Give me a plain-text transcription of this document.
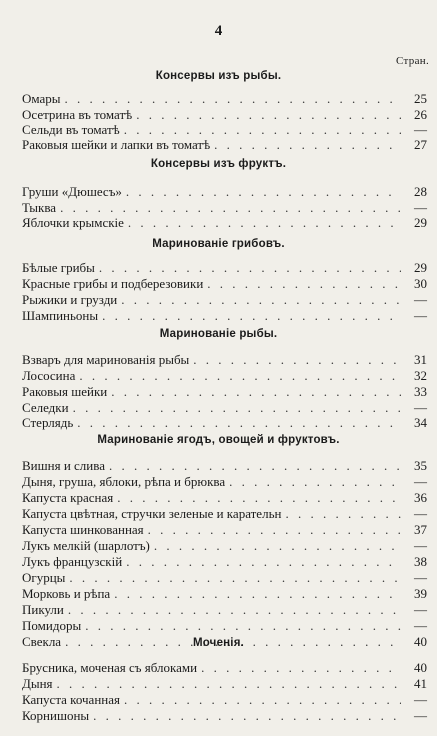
4
Стран.
Консервы изъ рыбы.
Омары . . .	25
Осетрина въ томатѣ . . .	26
Сельди въ томатѣ . . .	—
Раковыя шейки и лапки въ томатѣ . . .	27
Консервы изъ фруктъ.
Груши «Дюшесъ» . . .	28
Тыква . . .	—
Яблочки крымскіе . . .	29
Маринованіе грибовъ.
Бѣлые грибы . . .	29
Красные грибы и подберезовики . . .	30
Рыжики и грузди . . .	—
Шампиньоны . . .	—
Маринованіе рыбы.
Взваръ для маринованія рыбы . . .	31
Лососина . . .	32
Раковыя шейки . . .	33
Селедки . . .	—
Стерлядь . . .	34
Маринованіе ягодъ, овощей и фруктовъ.
Вишня и слива . . .	35
Дыня, груша, яблоки, рѣпа и брюква . . .	—
Капуста красная . . .	36
Капуста цвѣтная, стручки зеленые и карательн . . .	—
Капуста шинкованная . . .	37
Лукъ мелкій (шарлотъ) . . .	—
Лукъ французскій . . .	38
Огурцы . . .	—
Морковь и рѣпа . . .	39
Пикули . . .	—
Помидоры . . .	—
Свекла . . .	40
Моченія.
Брусника, моченая съ яблоками . . .	40
Дыня . . .	41
Капуста кочанная . . .	—
Корнишоны . . .	—
